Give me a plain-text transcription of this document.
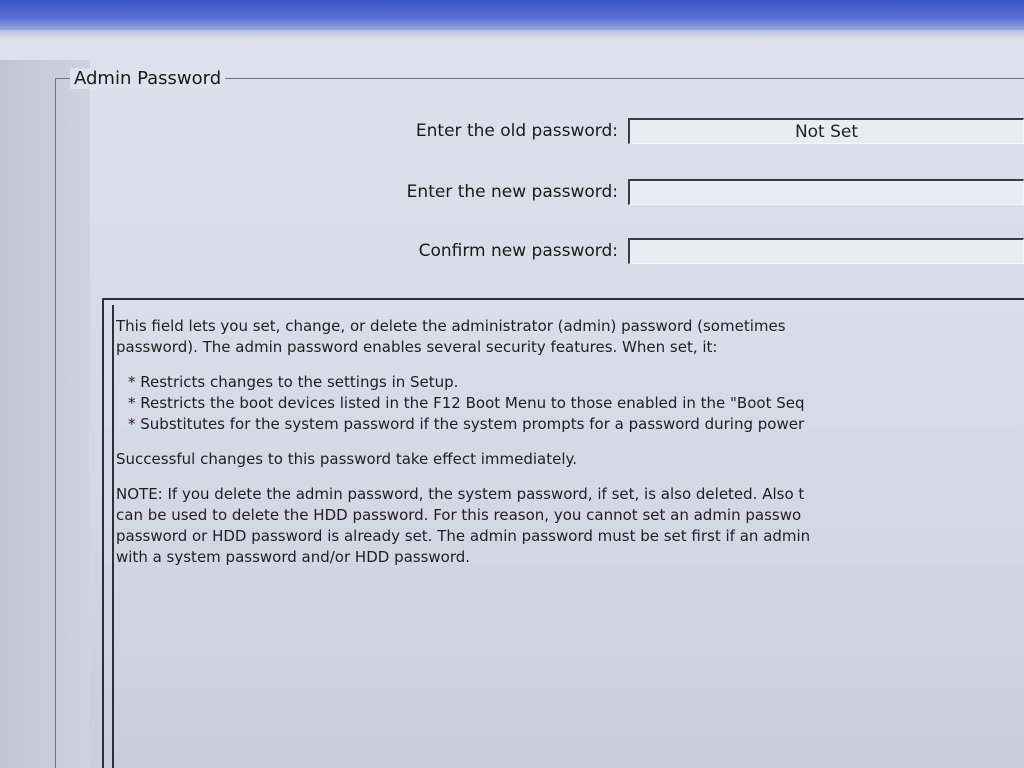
Admin Password
Enter the old password:
Not Set
Enter the new password:
Confirm new password:

This field lets you set, change, or delete the administrator (admin) password (sometimes

password). The admin password enables several security features. When set, it:

* Restricts changes to the settings in Setup.

* Restricts the boot devices listed in the F12 Boot Menu to those enabled in the "Boot Seq

* Substitutes for the system password if the system prompts for a password during power

Successful changes to this password take effect immediately.

NOTE: If you delete the admin password, the system password, if set, is also deleted. Also t

can be used to delete the HDD password. For this reason, you cannot set an admin passwo

password or HDD password is already set. The admin password must be set first if an admin

with a system password and/or HDD password.
